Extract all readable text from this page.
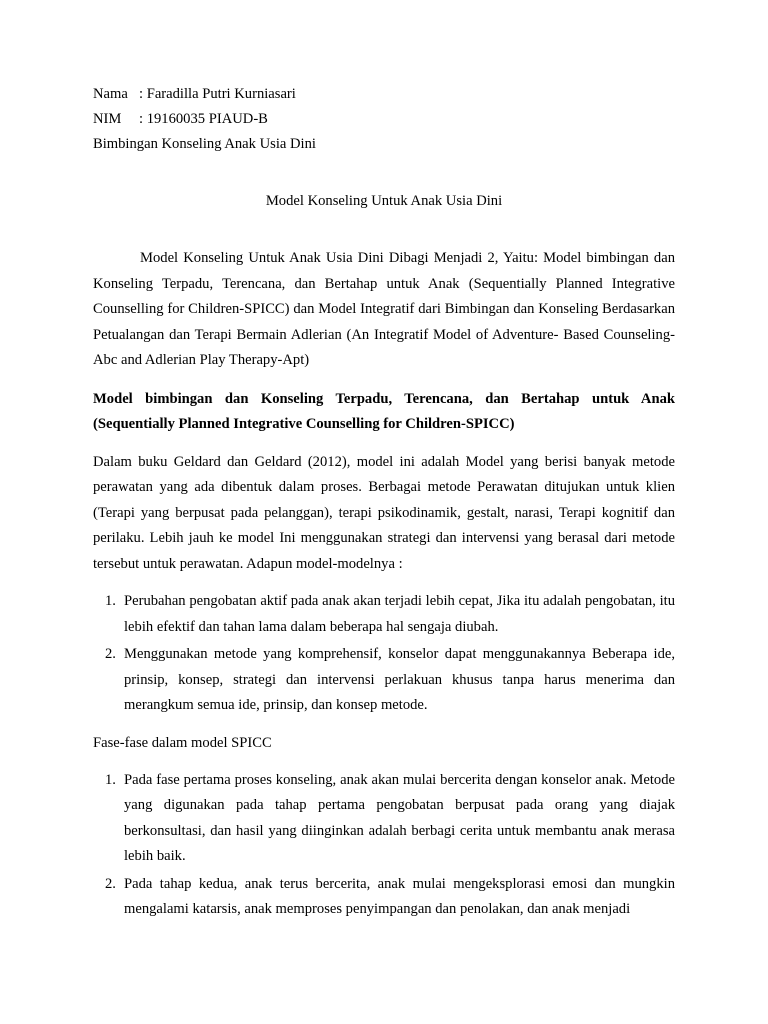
Nama : Faradilla Putri Kurniasari
NIM : 19160035 PIAUD-B
Bimbingan Konseling Anak Usia Dini
Model Konseling Untuk Anak Usia Dini

Model Konseling Untuk Anak Usia Dini Dibagi Menjadi 2, Yaitu: Model bimbingan dan Konseling Terpadu, Terencana, dan Bertahap untuk Anak (Sequentially Planned Integrative Counselling for Children-SPICC) dan Model Integratif dari Bimbingan dan Konseling Berdasarkan Petualangan dan Terapi Bermain Adlerian (An Integratif Model of Adventure- Based Counseling-Abc and Adlerian Play Therapy-Apt)

Model bimbingan dan Konseling Terpadu, Terencana, dan Bertahap untuk Anak (Sequentially Planned Integrative Counselling for Children-SPICC)

Dalam buku Geldard dan Geldard (2012), model ini adalah Model yang berisi banyak metode perawatan yang ada dibentuk dalam proses. Berbagai metode Perawatan ditujukan untuk klien (Terapi yang berpusat pada pelanggan), terapi psikodinamik, gestalt, narasi, Terapi kognitif dan perilaku. Lebih jauh ke model Ini menggunakan strategi dan intervensi yang berasal dari metode tersebut untuk perawatan. Adapun model-modelnya :

1. Perubahan pengobatan aktif pada anak akan terjadi lebih cepat, Jika itu adalah pengobatan, itu lebih efektif dan tahan lama dalam beberapa hal sengaja diubah.
2. Menggunakan metode yang komprehensif, konselor dapat menggunakannya Beberapa ide, prinsip, konsep, strategi dan intervensi perlakuan khusus tanpa harus menerima dan merangkum semua ide, prinsip, dan konsep metode.
Fase-fase dalam model SPICC
1. Pada fase pertama proses konseling, anak akan mulai bercerita dengan konselor anak. Metode yang digunakan pada tahap pertama pengobatan berpusat pada orang yang diajak berkonsultasi, dan hasil yang diinginkan adalah berbagi cerita untuk membantu anak merasa lebih baik.
2. Pada tahap kedua, anak terus bercerita, anak mulai mengeksplorasi emosi dan mungkin mengalami katarsis, anak memproses penyimpangan dan penolakan, dan anak menjadi
